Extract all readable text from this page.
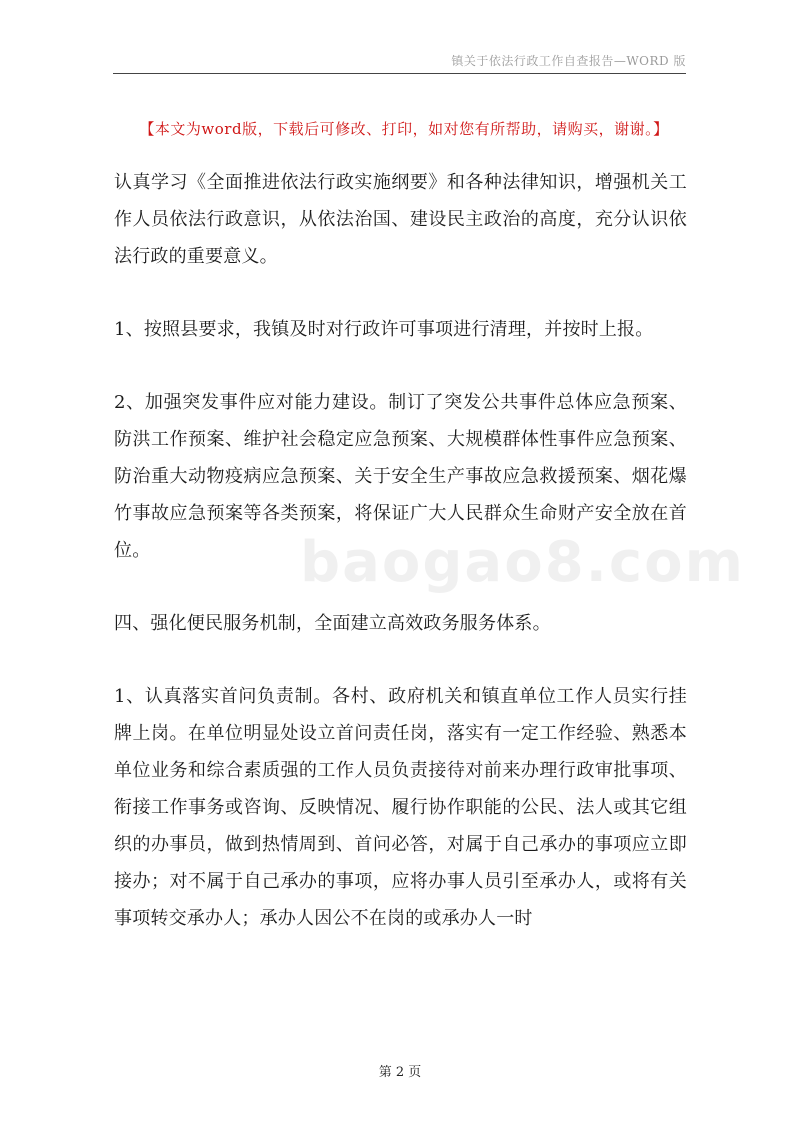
镇关于依法行政工作自查报告—WORD 版
【本文为word版，下载后可修改、打印，如对您有所帮助，请购买，谢谢。】
baogao8.com

认真学习《全面推进依法行政实施纲要》和各种法律知识，增强机关工作人员依法行政意识，从依法治国、建设民主政治的高度，充分认识依法行政的重要意义。

1、按照县要求，我镇及时对行政许可事项进行清理，并按时上报。

2、加强突发事件应对能力建设。制订了突发公共事件总体应急预案、防洪工作预案、维护社会稳定应急预案、大规模群体性事件应急预案、防治重大动物疫病应急预案、关于安全生产事故应急救援预案、烟花爆竹事故应急预案等各类预案，将保证广大人民群众生命财产安全放在首位。

四、强化便民服务机制，全面建立高效政务服务体系。

1、认真落实首问负责制。各村、政府机关和镇直单位工作人员实行挂牌上岗。在单位明显处设立首问责任岗，落实有一定工作经验、熟悉本单位业务和综合素质强的工作人员负责接待对前来办理行政审批事项、衔接工作事务或咨询、反映情况、履行协作职能的公民、法人或其它组织的办事员，做到热情周到、首问必答，对属于自己承办的事项应立即接办；对不属于自己承办的事项，应将办事人员引至承办人，或将有关事项转交承办人；承办人因公不在岗的或承办人一时

第 2 页
